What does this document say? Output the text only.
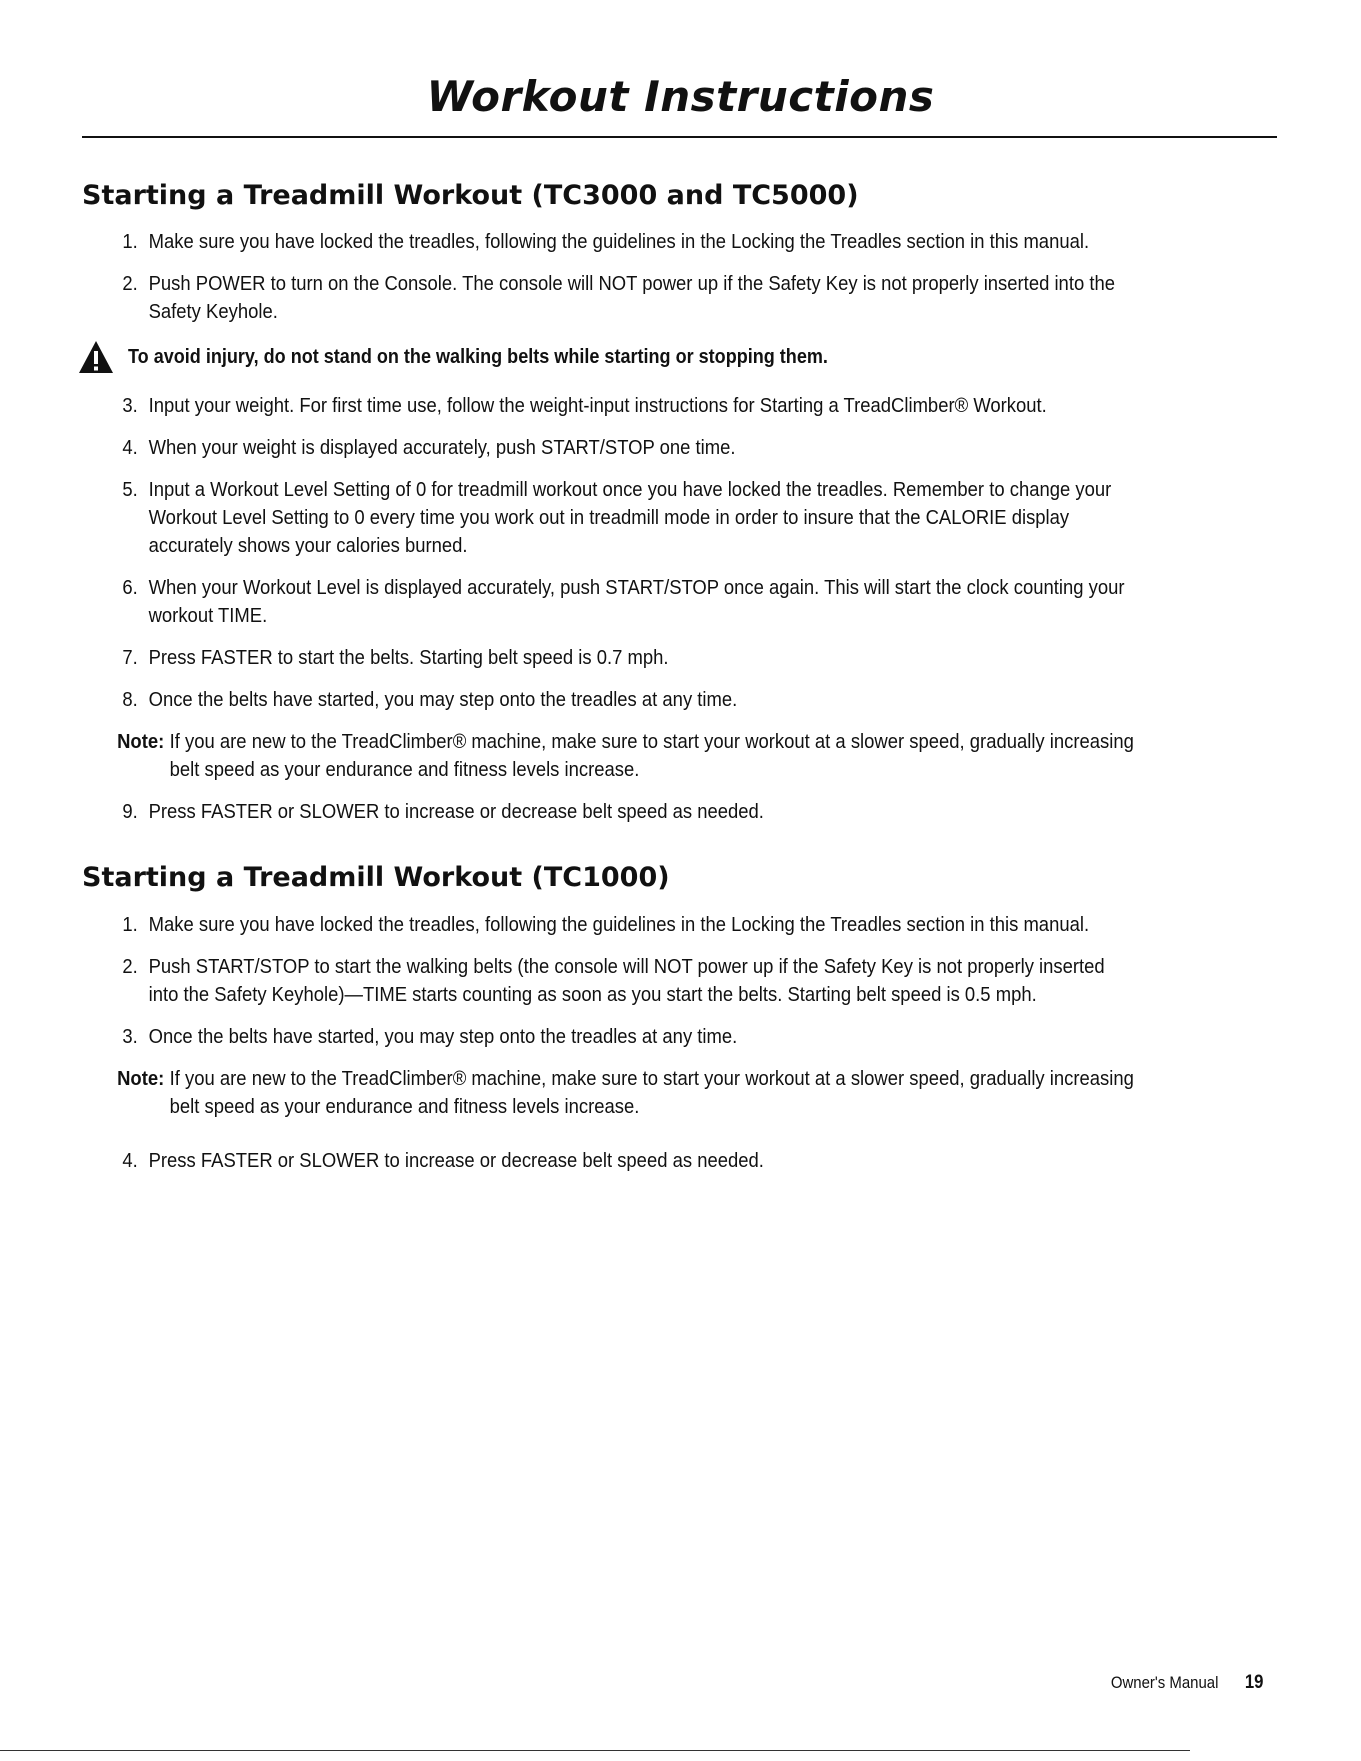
Workout Instructions
Starting a Treadmill Workout (TC3000 and TC5000)
1. Make sure you have locked the treadles, following the guidelines in the Locking the Treadles section in this manual.
2. Push POWER to turn on the Console. The console will NOT power up if the Safety Key is not properly inserted into the Safety Keyhole.
To avoid injury, do not stand on the walking belts while starting or stopping them.
3. Input your weight. For first time use, follow the weight-input instructions for Starting a TreadClimber® Workout.
4. When your weight is displayed accurately, push START/STOP one time.
5. Input a Workout Level Setting of 0 for treadmill workout once you have locked the treadles. Remember to change your Workout Level Setting to 0 every time you work out in treadmill mode in order to insure that the CALORIE display accurately shows your calories burned.
6. When your Workout Level is displayed accurately, push START/STOP once again. This will start the clock counting your workout TIME.
7. Press FASTER to start the belts. Starting belt speed is 0.7 mph.
8. Once the belts have started, you may step onto the treadles at any time.
Note: If you are new to the TreadClimber® machine, make sure to start your workout at a slower speed, gradually increasing belt speed as your endurance and fitness levels increase.
9. Press FASTER or SLOWER to increase or decrease belt speed as needed.
Starting a Treadmill Workout (TC1000)
1. Make sure you have locked the treadles, following the guidelines in the Locking the Treadles section in this manual.
2. Push START/STOP to start the walking belts (the console will NOT power up if the Safety Key is not properly inserted into the Safety Keyhole)—TIME starts counting as soon as you start the belts. Starting belt speed is 0.5 mph.
3. Once the belts have started, you may step onto the treadles at any time.
Note: If you are new to the TreadClimber® machine, make sure to start your workout at a slower speed, gradually increasing belt speed as your endurance and fitness levels increase.
4. Press FASTER or SLOWER to increase or decrease belt speed as needed.
Owner's Manual 19
